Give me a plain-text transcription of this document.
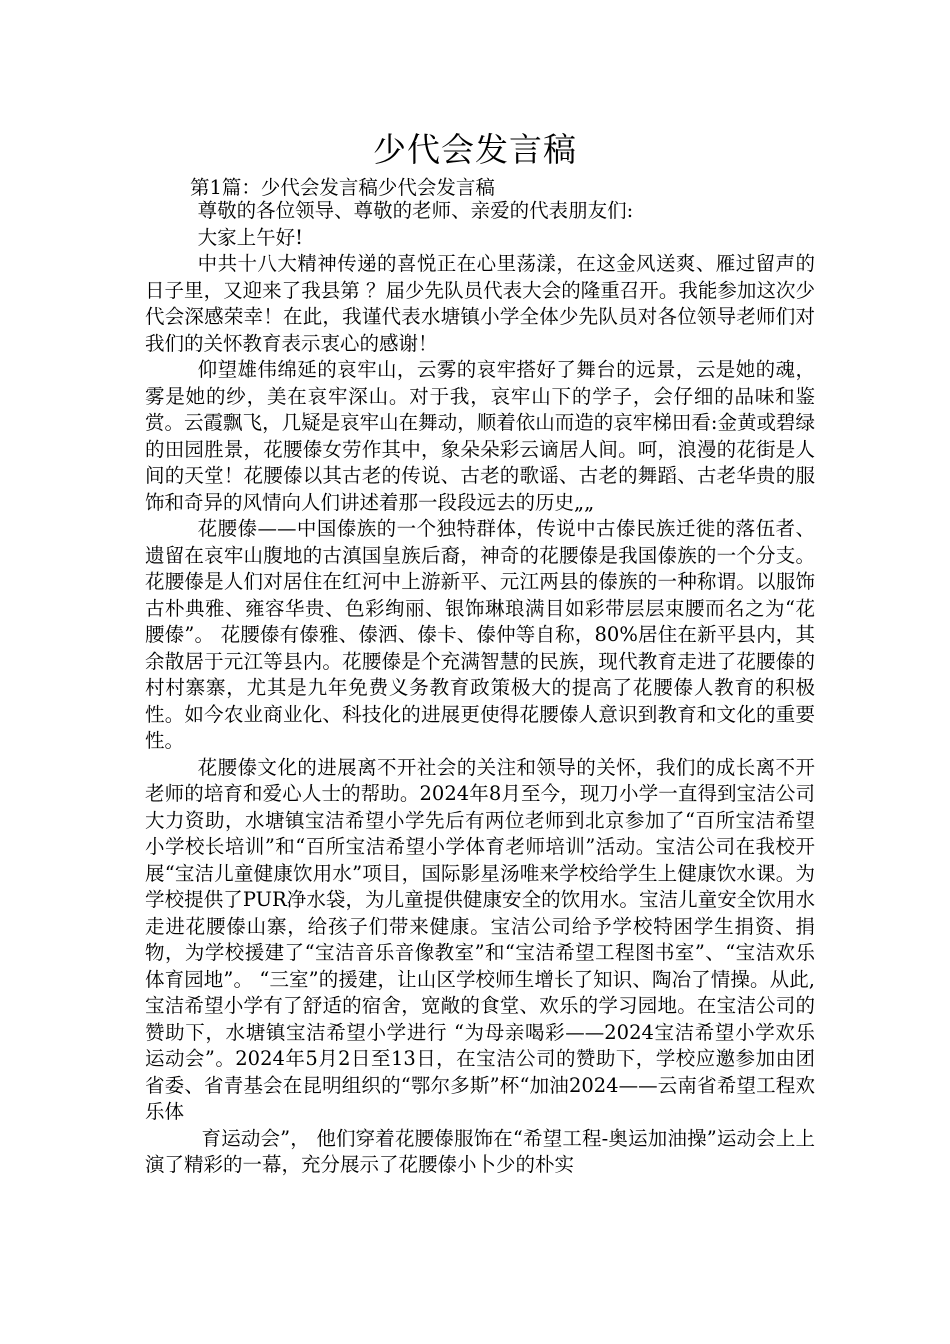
少代会发言稿
第1篇：少代会发言稿少代会发言稿

尊敬的各位领导、尊敬的老师、亲爱的代表朋友们:

大家上午好!

中共十八大精神传递的喜悦正在心里荡漾，在这金风送爽、雁过留声的日子里，又迎来了我县第 ？届少先队员代表大会的隆重召开。我能参加这次少代会深感荣幸！在此，我谨代表水塘镇小学全体少先队员对各位领导老师们对我们的关怀教育表示衷心的感谢！

仰望雄伟绵延的哀牢山，云雾的哀牢搭好了舞台的远景，云是她的魂，雾是她的纱，美在哀牢深山。对于我，哀牢山下的学子，会仔细的品味和鉴赏。云霞飘飞，几疑是哀牢山在舞动，顺着依山而造的哀牢梯田看:金黄或碧绿的田园胜景，花腰傣女劳作其中，象朵朵彩云谪居人间。呵，浪漫的花街是人间的天堂！花腰傣以其古老的传说、古老的歌谣、古老的舞蹈、古老华贵的服饰和奇异的风情向人们讲述着那一段段远去的历史„„

花腰傣——中国傣族的一个独特群体，传说中古傣民族迁徙的落伍者、遗留在哀牢山腹地的古滇国皇族后裔，神奇的花腰傣是我国傣族的一个分支。花腰傣是人们对居住在红河中上游新平、元江两县的傣族的一种称谓。以服饰古朴典雅、雍容华贵、色彩绚丽、银饰琳琅满目如彩带层层束腰而名之为“花腰傣”。 花腰傣有傣雅、傣洒、傣卡、傣仲等自称，80%居住在新平县内，其余散居于元江等县内。花腰傣是个充满智慧的民族，现代教育走进了花腰傣的村村寨寨，尤其是九年免费义务教育政策极大的提高了花腰傣人教育的积极性。如今农业商业化、科技化的进展更使得花腰傣人意识到教育和文化的重要性。

花腰傣文化的进展离不开社会的关注和领导的关怀，我们的成长离不开老师的培育和爱心人士的帮助。2024年8月至今，现刀小学一直得到宝洁公司大力资助，水塘镇宝洁希望小学先后有两位老师到北京参加了“百所宝洁希望小学校长培训”和“百所宝洁希望小学体育老师培训”活动。宝洁公司在我校开展“宝洁儿童健康饮用水”项目，国际影星汤唯来学校给学生上健康饮水课。为学校提供了PUR净水袋，为儿童提供健康安全的饮用水。宝洁儿童安全饮用水走进花腰傣山寨，给孩子们带来健康。宝洁公司给予学校特困学生捐资、捐物，为学校援建了“宝洁音乐音像教室”和“宝洁希望工程图书室”、“宝洁欢乐体育园地”。 “三室”的援建，让山区学校师生增长了知识、陶冶了情操。从此,宝洁希望小学有了舒适的宿舍，宽敞的食堂、欢乐的学习园地。在宝洁公司的赞助下，水塘镇宝洁希望小学进行 “为母亲喝彩——2024宝洁希望小学欢乐运动会”。2024年5月2日至13日，在宝洁公司的赞助下，学校应邀参加由团省委、省青基会在昆明组织的“鄂尔多斯”杯“加油2024——云南省希望工程欢乐体

育运动会”， 他们穿着花腰傣服饰在“希望工程-奥运加油操”运动会上上演了精彩的一幕，充分展示了花腰傣小卜少的朴实
